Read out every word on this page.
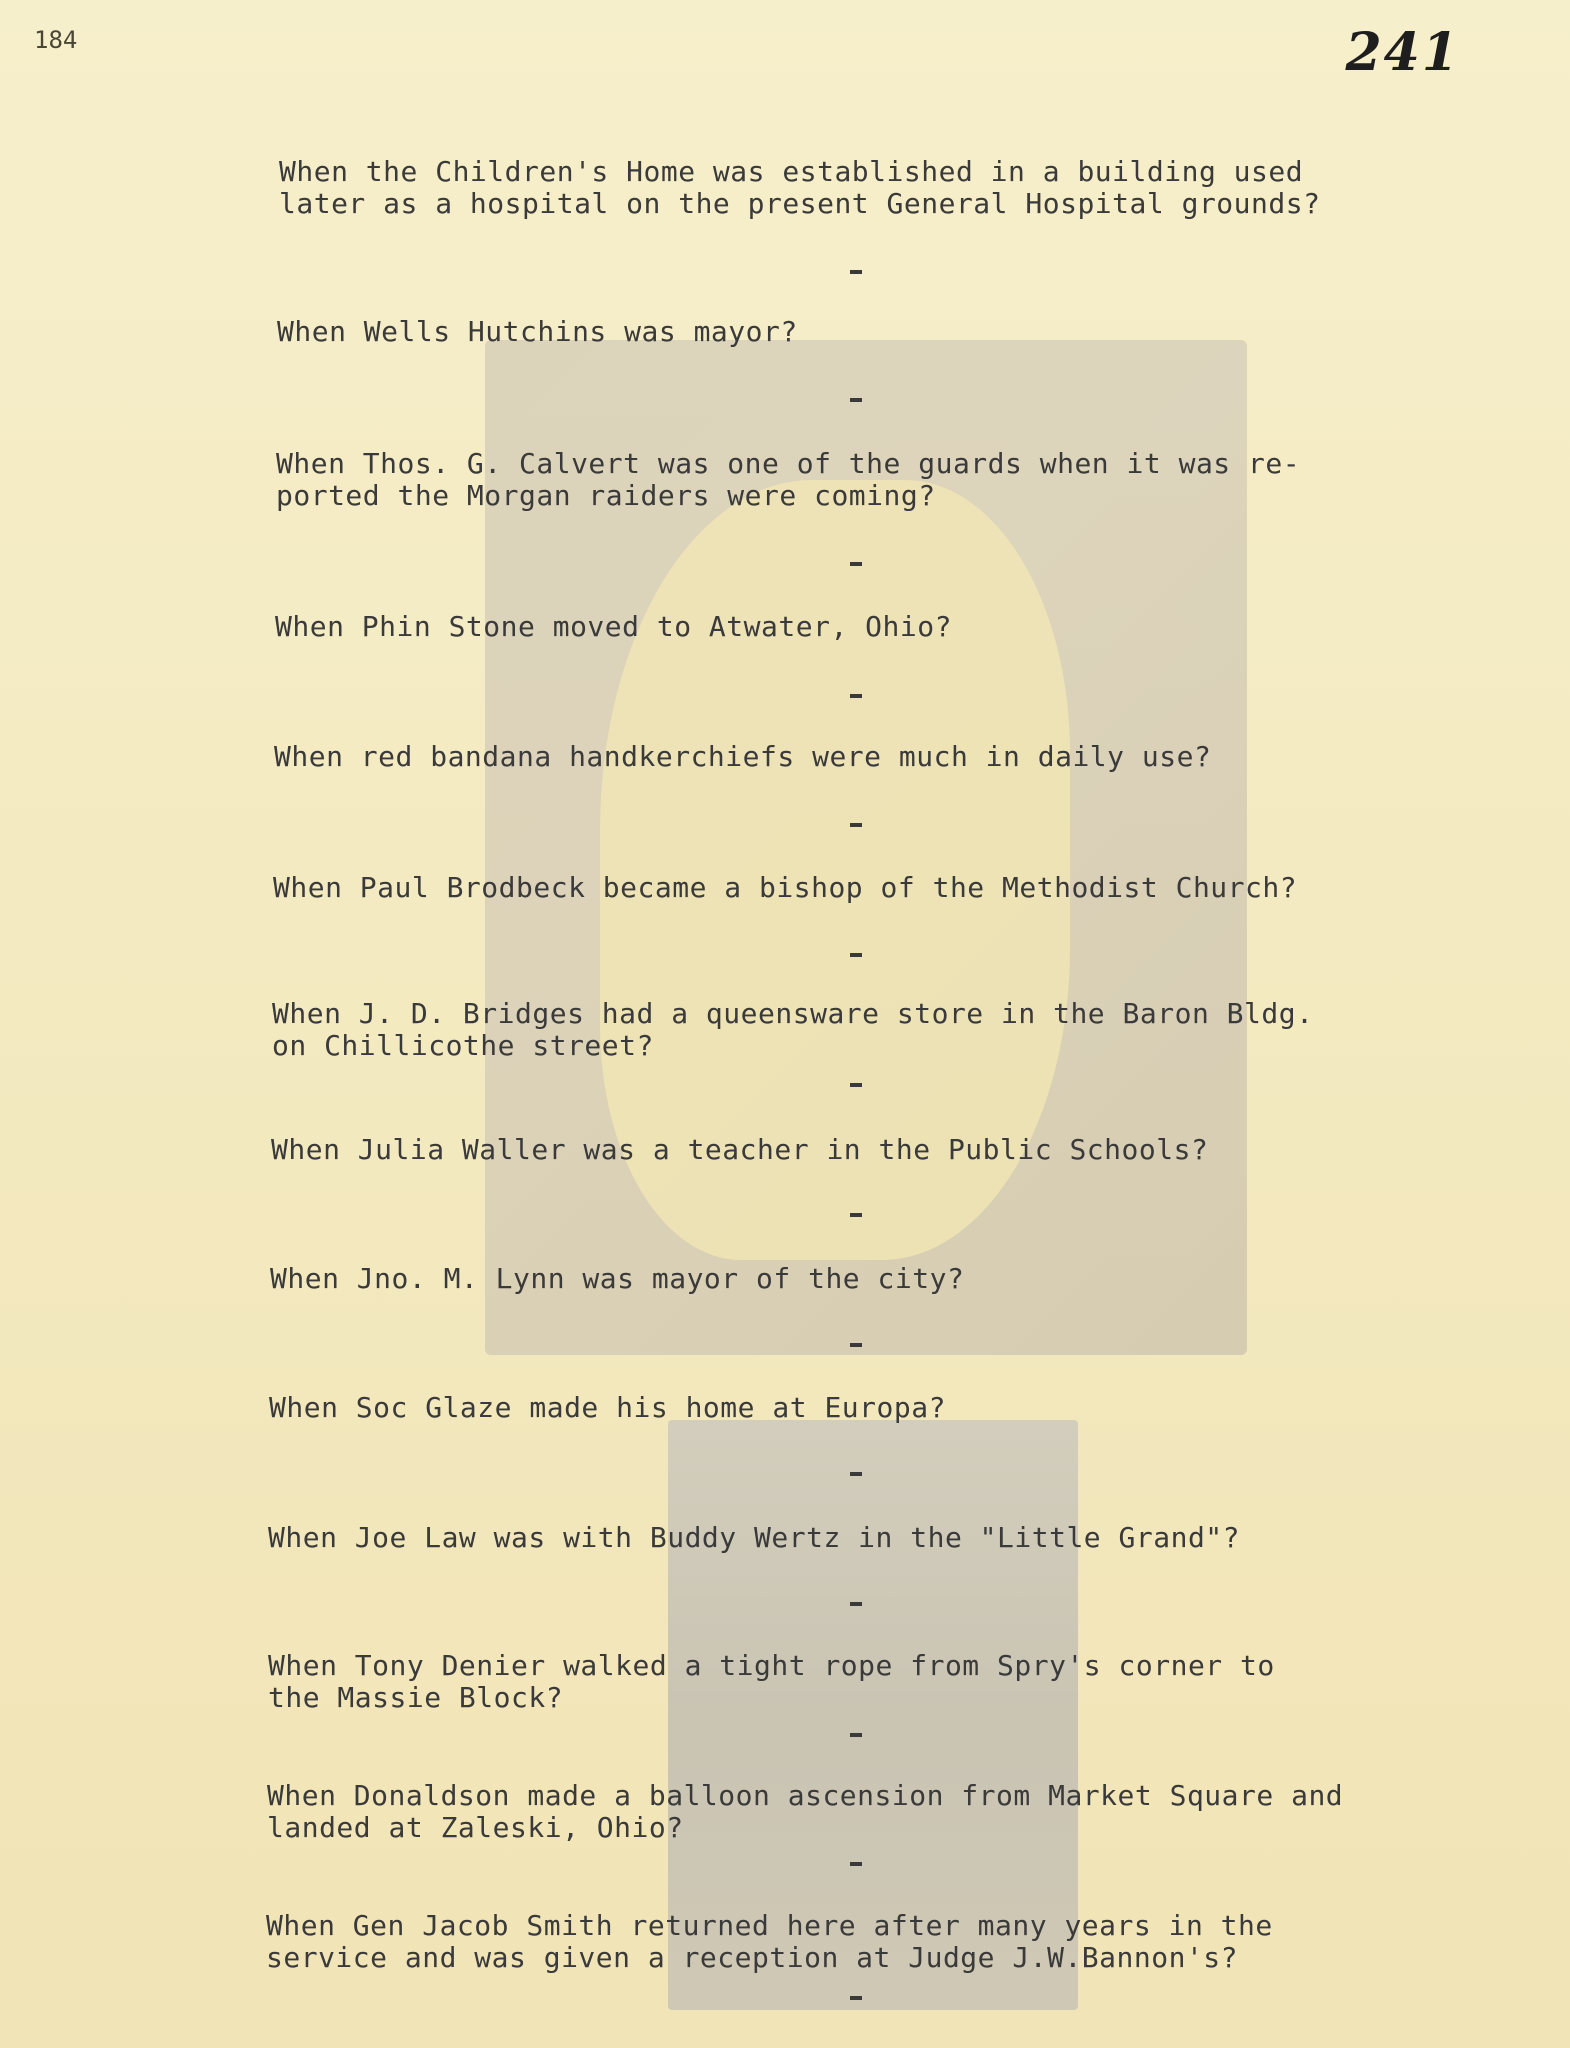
184	241

When the Children's Home was established in a building used
later as a hospital on the present General Hospital grounds?

When Wells Hutchins was mayor?

When Thos. G. Calvert was one of the guards when it was re-
ported the Morgan raiders were coming?

When Phin Stone moved to Atwater, Ohio?

When red bandana handkerchiefs were much in daily use?

When Paul Brodbeck became a bishop of the Methodist Church?

When J. D. Bridges had a queensware store in the Baron Bldg.
on Chillicothe street?

When Julia Waller was a teacher in the Public Schools?

When Jno. M. Lynn was mayor of the city?

When Soc Glaze made his home at Europa?

When Joe Law was with Buddy Wertz in the "Little Grand"?

When Tony Denier walked a tight rope from Spry's corner to
the Massie Block?

When Donaldson made a balloon ascension from Market Square and
landed at Zaleski, Ohio?

When Gen Jacob Smith returned here after many years in the
service and was given a reception at Judge J.W.Bannon's?
